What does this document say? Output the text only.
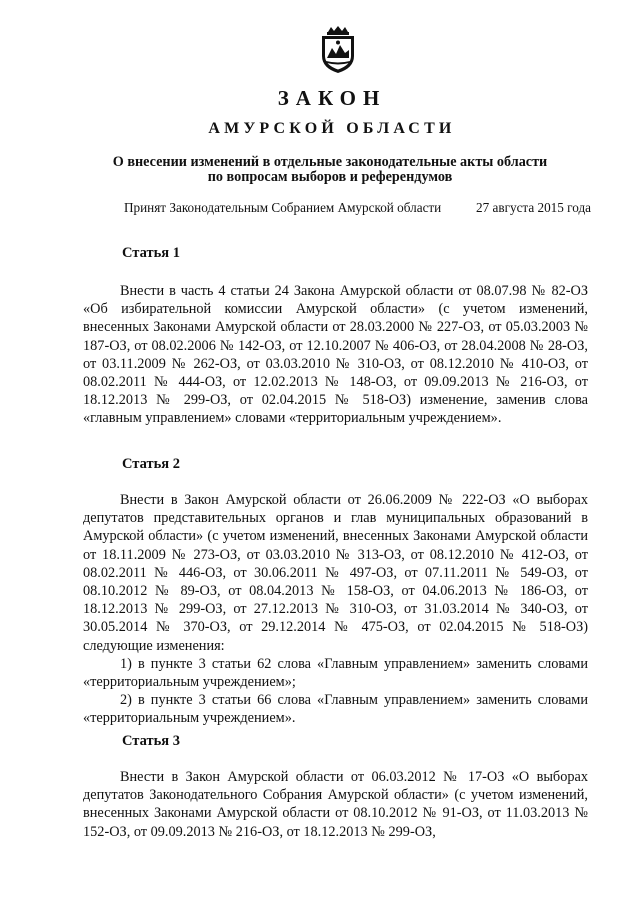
ЗАКОН
АМУРСКОЙ ОБЛАСТИ
О внесении изменений в отдельные законодательные акты области
по вопросам выборов и референдумов
Принят Законодательным Собранием Амурской области	27 августа 2015 года
Статья 1

Внести в часть 4 статьи 24 Закона Амурской области от 08.07.98 № 82-ОЗ «Об избирательной комиссии Амурской области» (с учетом изменений, внесенных Законами Амурской области от 28.03.2000 № 227-ОЗ, от 05.03.2003 № 187-ОЗ, от 08.02.2006 № 142-ОЗ, от 12.10.2007 № 406-ОЗ, от 28.04.2008 № 28-ОЗ, от 03.11.2009 № 262-ОЗ, от 03.03.2010 № 310-ОЗ, от 08.12.2010 № 410-ОЗ, от 08.02.2011 № 444-ОЗ, от 12.02.2013 № 148-ОЗ, от 09.09.2013 № 216-ОЗ, от 18.12.2013 № 299-ОЗ, от 02.04.2015 № 518-ОЗ) изменение, заменив слова «главным управлением» словами «территориальным учреждением».

Статья 2

Внести в Закон Амурской области от 26.06.2009 № 222-ОЗ «О выборах депутатов представительных органов и глав муниципальных образований в Амурской области» (с учетом изменений, внесенных Законами Амурской области от 18.11.2009 № 273-ОЗ, от 03.03.2010 № 313-ОЗ, от 08.12.2010 № 412-ОЗ, от 08.02.2011 № 446-ОЗ, от 30.06.2011 № 497-ОЗ, от 07.11.2011 № 549-ОЗ, от 08.10.2012 № 89-ОЗ, от 08.04.2013 № 158-ОЗ, от 04.06.2013 № 186-ОЗ, от 18.12.2013 № 299-ОЗ, от 27.12.2013 № 310-ОЗ, от 31.03.2014 № 340-ОЗ, от 30.05.2014 № 370-ОЗ, от 29.12.2014 № 475-ОЗ, от 02.04.2015 № 518-ОЗ) следующие изменения:

1) в пункте 3 статьи 62 слова «Главным управлением» заменить словами «территориальным учреждением»;

2) в пункте 3 статьи 66 слова «Главным управлением» заменить словами «территориальным учреждением».

Статья 3

Внести в Закон Амурской области от 06.03.2012 № 17-ОЗ «О выборах депутатов Законодательного Собрания Амурской области» (с учетом изменений, внесенных Законами Амурской области от 08.10.2012 № 91-ОЗ, от 11.03.2013 № 152-ОЗ, от 09.09.2013 № 216-ОЗ, от 18.12.2013 № 299-ОЗ,
